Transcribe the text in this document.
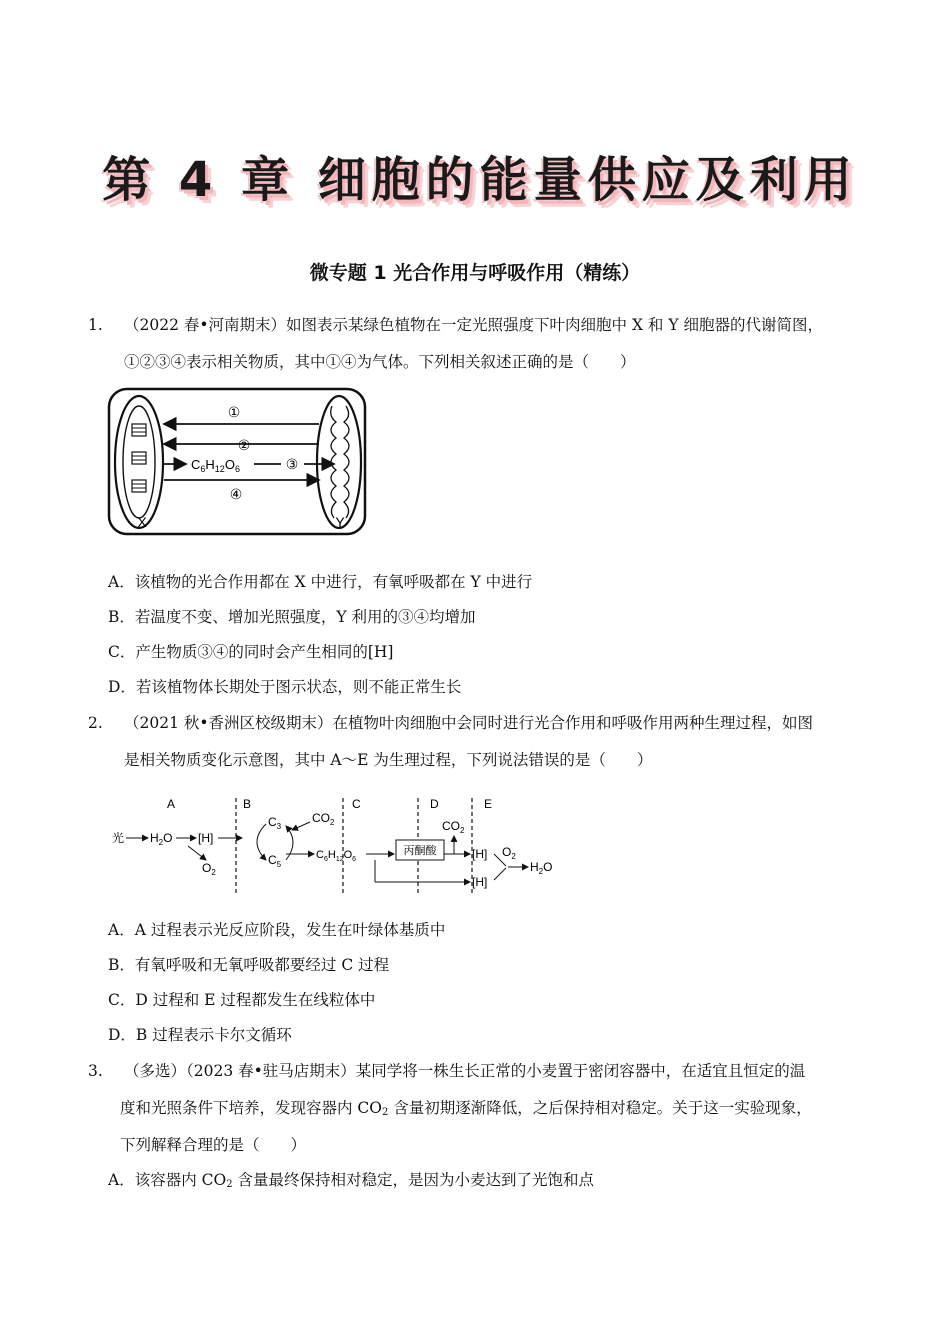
第 4 章 细胞的能量供应及利用
微专题 1 光合作用与呼吸作用（精练）
1. （2022 春•河南期末）如图表示某绿色植物在一定光照强度下叶肉细胞中 X 和 Y 细胞器的代谢简图，
①②③④表示相关物质，其中①④为气体。下列相关叙述正确的是（　　）
①
②
$C_6H_{12}O_6$	③
④
X	Y
A．该植物的光合作用都在 X 中进行，有氧呼吸都在 Y 中进行
B．若温度不变、增加光照强度，Y 利用的③④均增加
C．产生物质③④的同时会产生相同的[H]
D．若该植物体长期处于图示状态，则不能正常生长
2. （2021 秋•香洲区校级期末）在植物叶肉细胞中会同时进行光合作用和呼吸作用两种生理过程，如图
是相关物质变化示意图，其中 A～E 为生理过程，下列说法错误的是（　　）
A	B	C	D	E
光 $H_2O$ [H]
$O_2$
$C_3$
$C_5$
$CO_2$
$C_6H_{12}O_6$
丙酮酸
$CO_2$
[H]
[H]
$O_2$
$H_2O$
A．A 过程表示光反应阶段，发生在叶绿体基质中
B．有氧呼吸和无氧呼吸都要经过 C 过程
C．D 过程和 E 过程都发生在线粒体中
D．B 过程表示卡尔文循环
3. （多选）（2023 春•驻马店期末）某同学将一株生长正常的小麦置于密闭容器中，在适宜且恒定的温
度和光照条件下培养，发现容器内 $CO_2$ 含量初期逐渐降低，之后保持相对稳定。关于这一实验现象，
下列解释合理的是（　　）
A．该容器内 $CO_2$ 含量最终保持相对稳定，是因为小麦达到了光饱和点
